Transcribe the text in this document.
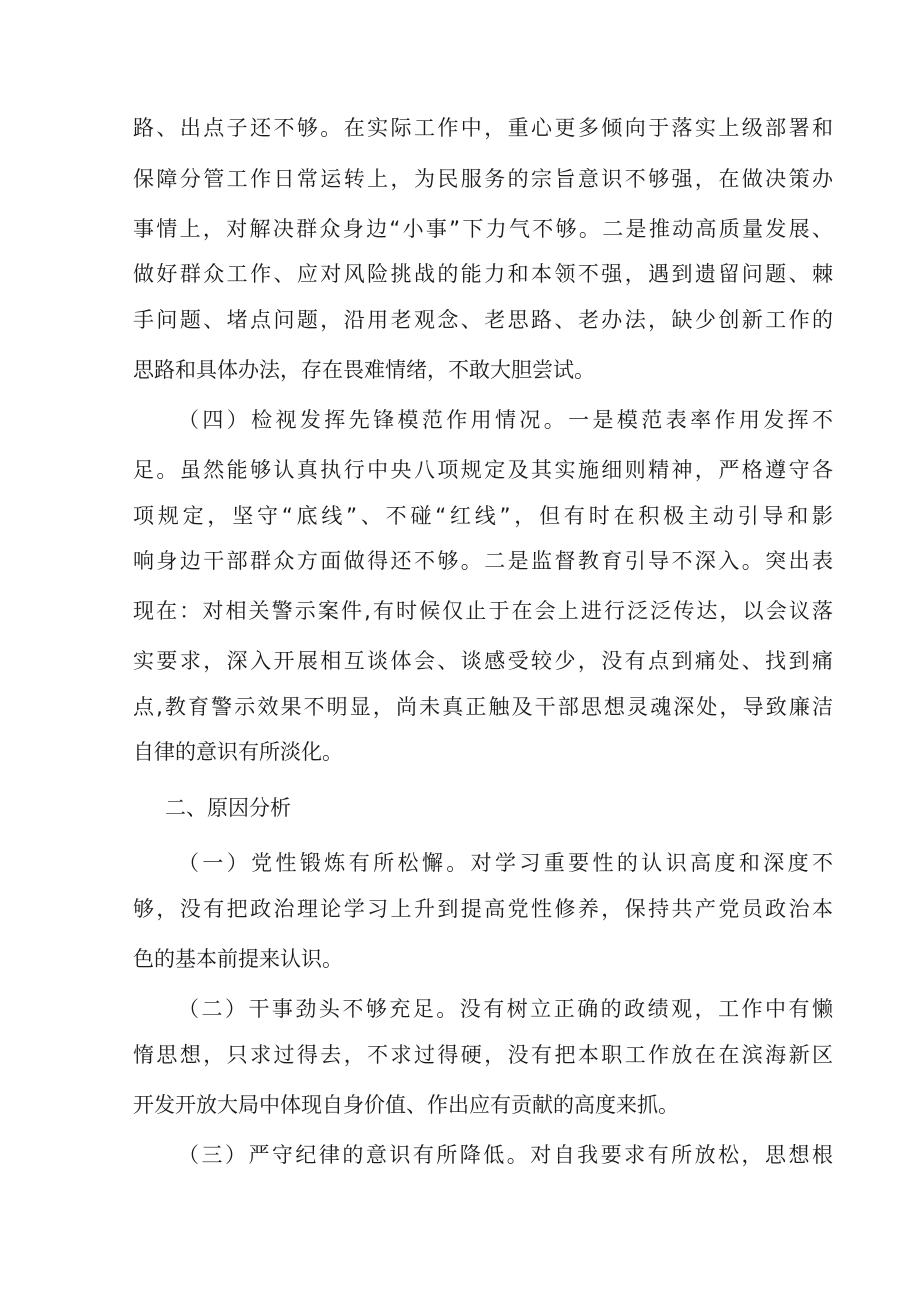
路、出点子还不够。在实际工作中，重心更多倾向于落实上级部署和
保障分管工作日常运转上，为民服务的宗旨意识不够强，在做决策办
事情上，对解决群众身边“小事”下力气不够。二是推动高质量发展、
做好群众工作、应对风险挑战的能力和本领不强，遇到遗留问题、棘
手问题、堵点问题，沿用老观念、老思路、老办法，缺少创新工作的
思路和具体办法，存在畏难情绪，不敢大胆尝试。
（四）检视发挥先锋模范作用情况。一是模范表率作用发挥不
足。虽然能够认真执行中央八项规定及其实施细则精神，严格遵守各
项规定，坚守“底线”、不碰“红线”，但有时在积极主动引导和影
响身边干部群众方面做得还不够。二是监督教育引导不深入。突出表
现在：对相关警示案件,有时候仅止于在会上进行泛泛传达，以会议落
实要求，深入开展相互谈体会、谈感受较少，没有点到痛处、找到痛
点,教育警示效果不明显，尚未真正触及干部思想灵魂深处，导致廉洁
自律的意识有所淡化。
二、原因分析
（一）党性锻炼有所松懈。对学习重要性的认识高度和深度不
够，没有把政治理论学习上升到提高党性修养，保持共产党员政治本
色的基本前提来认识。
（二）干事劲头不够充足。没有树立正确的政绩观，工作中有懒
惰思想，只求过得去，不求过得硬，没有把本职工作放在在滨海新区
开发开放大局中体现自身价值、作出应有贡献的高度来抓。
（三）严守纪律的意识有所降低。对自我要求有所放松，思想根
